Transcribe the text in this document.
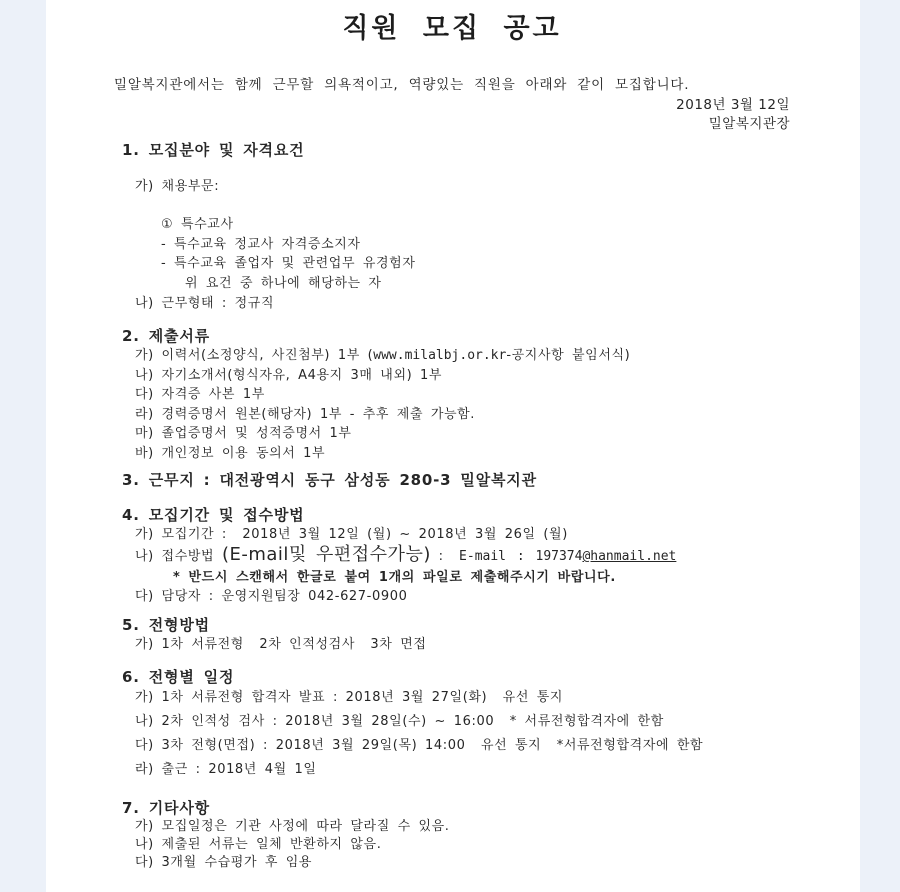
직원 모집 공고
밀알복지관에서는 함께 근무할 의욕적이고, 역량있는 직원을 아래와 같이 모집합니다.
2018년 3월 12일
밀알복지관장
1. 모집분야 및 자격요건
가) 채용부문:
① 특수교사
- 특수교육 정교사 자격증소지자
- 특수교육 졸업자 및 관련업무 유경험자
위 요건 중 하나에 해당하는 자
나) 근무형태 : 정규직
2. 제출서류
가) 이력서(소정양식, 사진첨부) 1부 (www.milalbj.or.kr-공지사항 붙임서식)
나) 자기소개서(형식자유, A4용지 3매 내외) 1부
다) 자격증 사본 1부
라) 경력증명서 원본(해당자) 1부 - 추후 제출 가능함.
마) 졸업증명서 및 성적증명서 1부
바) 개인정보 이용 동의서 1부
3. 근무지 : 대전광역시 동구 삼성동 280-3 밀알복지관
4. 모집기간 및 접수방법
가) 모집기간 :  2018년 3월 12일 (월) ~ 2018년 3월 26일 (월)
나) 접수방법 (E-mail및 우편접수가능) :  E-mail : 197374@hanmail.net
* 반드시 스캔해서 한글로 붙여 1개의 파일로 제출해주시기 바랍니다.
다) 담당자 : 운영지원팀장 042-627-0900
5. 전형방법
가) 1차 서류전형  2차 인적성검사  3차 면접
6. 전형별 일정
가) 1차 서류전형 합격자 발표 : 2018년 3월 27일(화)  유선 통지
나) 2차 인적성 검사 : 2018년 3월 28일(수) ~ 16:00  * 서류전형합격자에 한함
다) 3차 전형(면접) : 2018년 3월 29일(목) 14:00  유선 통지  *서류전형합격자에 한함
라) 출근 : 2018년 4월 1일
7. 기타사항
가) 모집일정은 기관 사정에 따라 달라질 수 있음.
나) 제출된 서류는 일체 반환하지 않음.
다) 3개월 수습평가 후 임용
